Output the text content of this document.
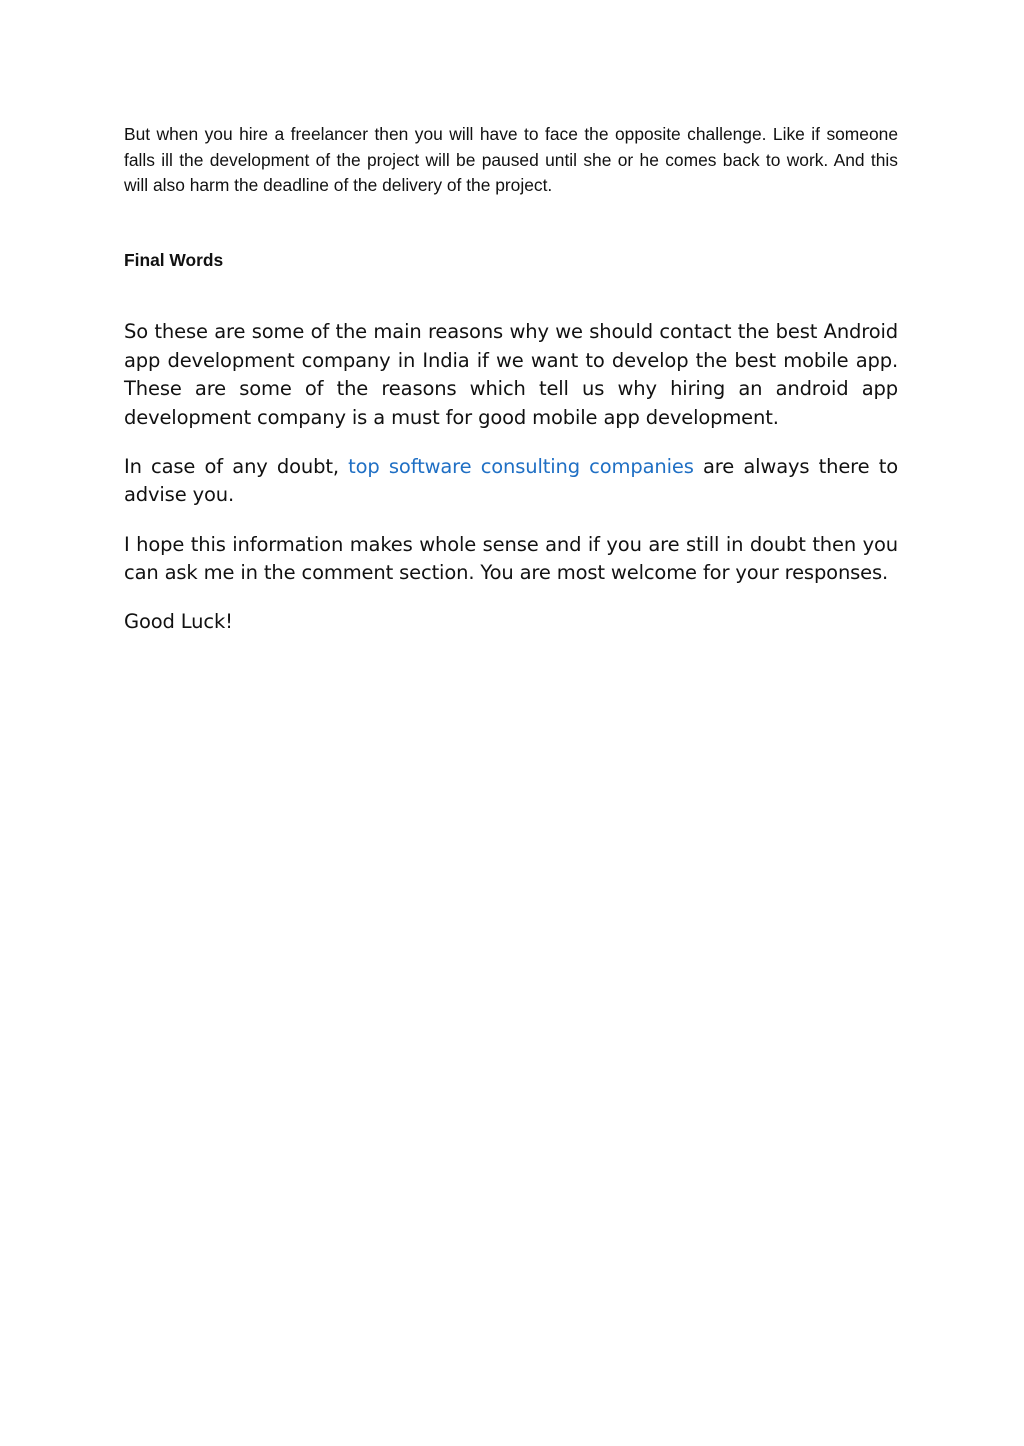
But when you hire a freelancer then you will have to face the opposite challenge. Like if someone falls ill the development of the project will be paused until she or he comes back to work. And this will also harm the deadline of the delivery of the project.

Final Words

So these are some of the main reasons why we should contact the best Android app development company in India if we want to develop the best mobile app. These are some of the reasons which tell us why hiring an android app development company is a must for good mobile app development.

In case of any doubt, top software consulting companies are always there to advise you.

I hope this information makes whole sense and if you are still in doubt then you can ask me in the comment section. You are most welcome for your responses.

Good Luck!
